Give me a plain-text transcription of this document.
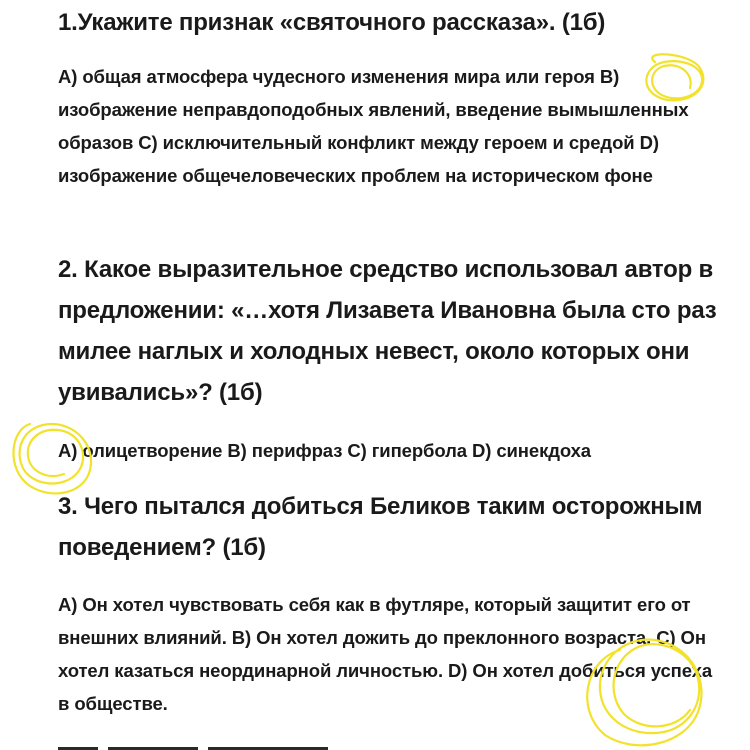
1.Укажите признак «святочного рассказа». (1б)

A) общая атмосфера чудесного изменения мира или героя B) изображение неправдоподобных явлений, введение вымышленных образов C) исключительный конфликт между героем и средой D) изображение общечеловеческих проблем на историческом фоне

2. Какое выразительное средство использовал автор в предложении: «…хотя Лизавета Ивановна была сто раз милее наглых и холодных невест, около которых они увивались»? (1б)

A) олицетворение B) перифраз C) гипербола D) синекдоха

3. Чего пытался добиться Беликов таким осторожным поведением? (1б)

A) Он хотел чувствовать себя как в футляре, который защитит его от внешних влияний. B) Он хотел дожить до преклонного возраста. C) Он хотел казаться неординарной личностью. D) Он хотел добиться успеха в обществе.
